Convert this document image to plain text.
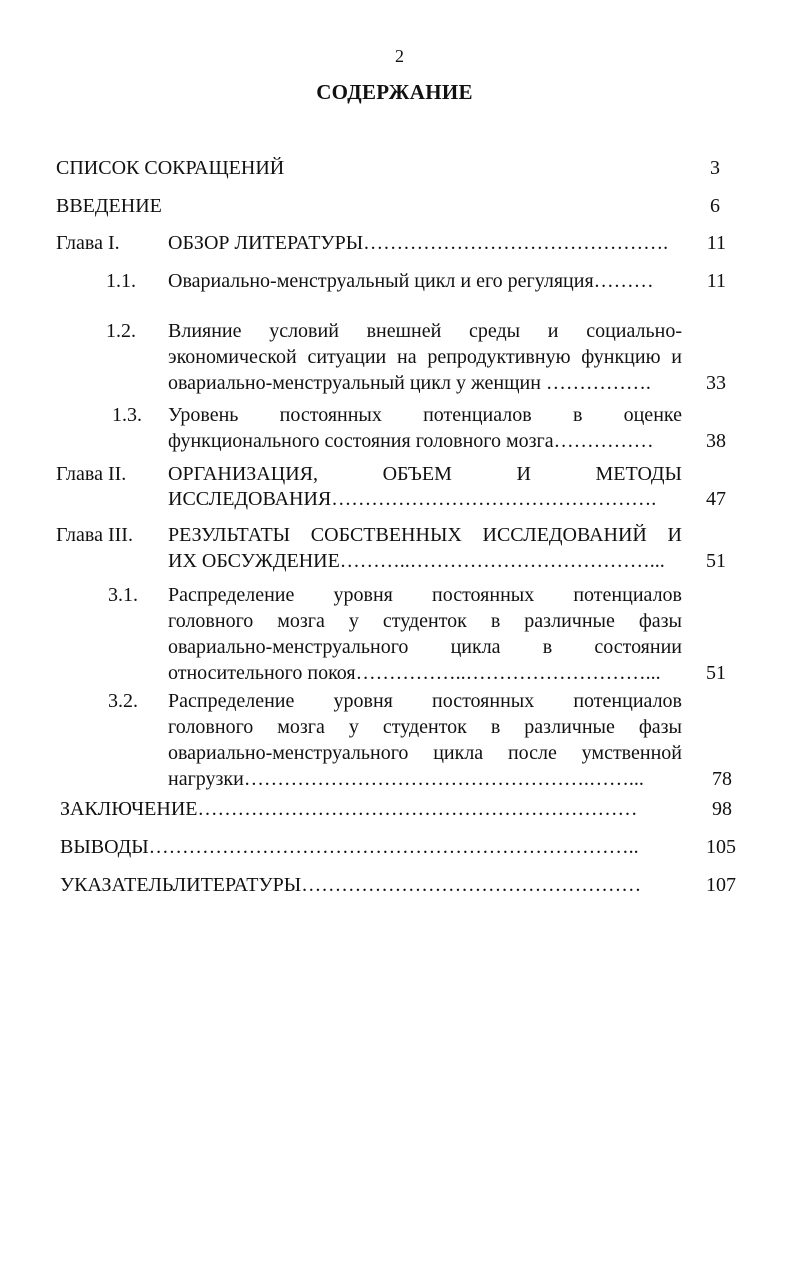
2
СОДЕРЖАНИЕ
СПИСОК СОКРАЩЕНИЙ	3
ВВЕДЕНИЕ	6
Глава I. ОБЗОР ЛИТЕРАТУРЫ……………………………………….	11
1.1. Овариально-менструальный цикл и его регуляция………	11
1.2. Влияние условий внешней среды и социально-
экономической ситуации на репродуктивную функцию и
овариально-менструальный цикл у женщин …………….	33
1.3. Уровень постоянных потенциалов в оценке
функционального состояния головного мозга……………	38
Глава II. ОРГАНИЗАЦИЯ, ОБЪЕМ И МЕТОДЫ
ИССЛЕДОВАНИЯ………………………………………….	47
Глава III. РЕЗУЛЬТАТЫ СОБСТВЕННЫХ ИССЛЕДОВАНИЙ И
ИХ ОБСУЖДЕНИЕ………..………………………………...	51
3.1. Распределение уровня постоянных потенциалов
головного мозга у студенток в различные фазы
овариально-менструального цикла в состоянии
относительного покоя……………..………………………...	51
3.2. Распределение уровня постоянных потенциалов
головного мозга у студенток в различные фазы
овариально-менструального цикла после умственной
нагрузки…………………………………………….……...	78
ЗАКЛЮЧЕНИЕ…………………………………………………………	98
ВЫВОДЫ………………………………………………………………..	105
УКАЗАТЕЛЬЛИТЕРАТУРЫ……………………………………………	107
